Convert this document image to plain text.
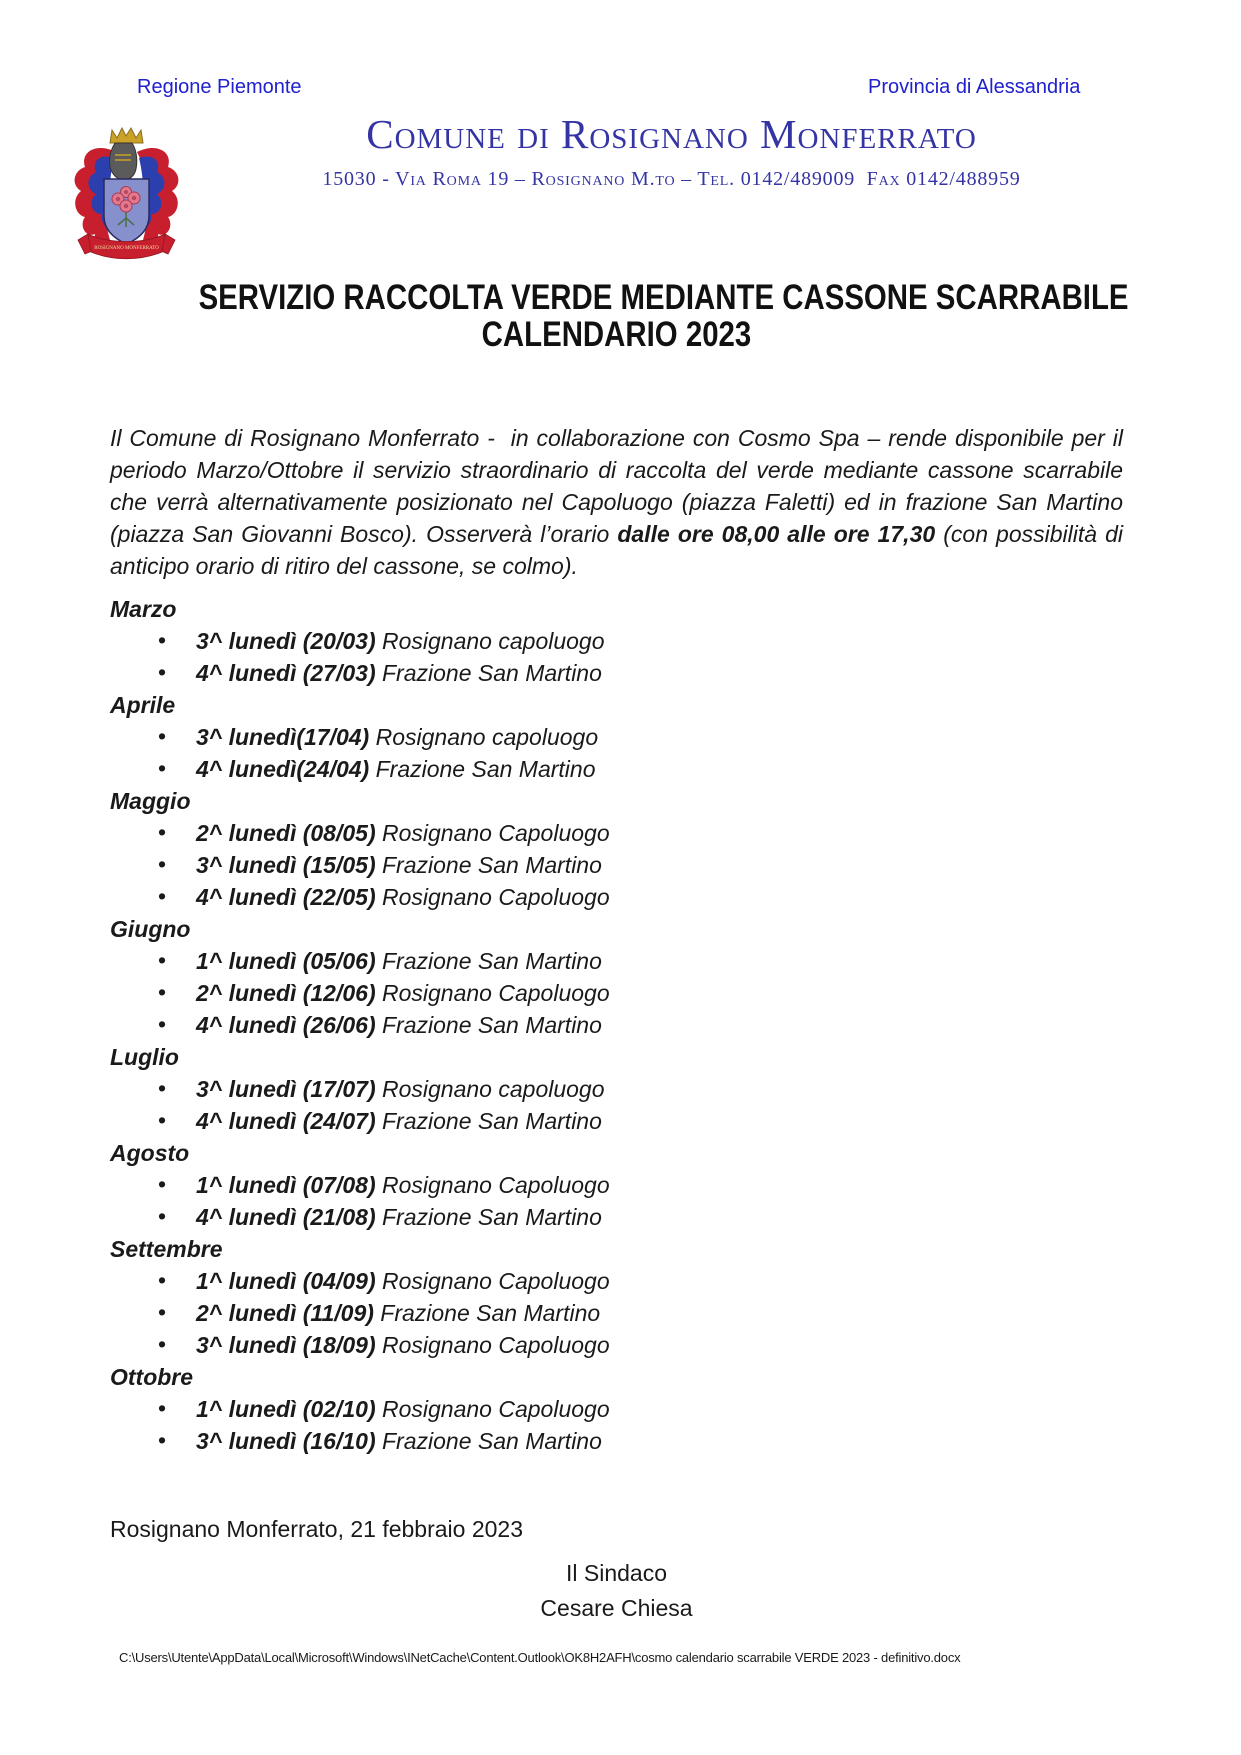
Regione Piemonte	Provincia di Alessandria
ROSIGNANO MONFERRATO
Comune di Rosignano Monferrato
15030 - Via Roma 19 – Rosignano M.to – Tel. 0142/489009  Fax 0142/488959
SERVIZIO RACCOLTA VERDE MEDIANTE CASSONE SCARRABILE CALENDARIO 2023

Il Comune di Rosignano Monferrato -  in collaborazione con Cosmo Spa – rende disponibile per il periodo Marzo/Ottobre il servizio straordinario di raccolta del verde mediante cassone scarrabile che verrà alternativamente posizionato nel Capoluogo (piazza Faletti) ed in frazione San Martino (piazza San Giovanni Bosco). Osserverà l’orario dalle ore 08,00 alle ore 17,30 (con possibilità di anticipo orario di ritiro del cassone, se colmo).

Marzo
• 3^ lunedì (20/03) Rosignano capoluogo
• 4^ lunedì (27/03) Frazione San Martino
Aprile
• 3^ lunedì(17/04) Rosignano capoluogo
• 4^ lunedì(24/04) Frazione San Martino
Maggio
• 2^ lunedì (08/05) Rosignano Capoluogo
• 3^ lunedì (15/05) Frazione San Martino
• 4^ lunedì (22/05) Rosignano Capoluogo
Giugno
• 1^ lunedì (05/06) Frazione San Martino
• 2^ lunedì (12/06) Rosignano Capoluogo
• 4^ lunedì (26/06) Frazione San Martino
Luglio
• 3^ lunedì (17/07) Rosignano capoluogo
• 4^ lunedì (24/07) Frazione San Martino
Agosto
• 1^ lunedì (07/08) Rosignano Capoluogo
• 4^ lunedì (21/08) Frazione San Martino
Settembre
• 1^ lunedì (04/09) Rosignano Capoluogo
• 2^ lunedì (11/09) Frazione San Martino
• 3^ lunedì (18/09) Rosignano Capoluogo
Ottobre
• 1^ lunedì (02/10) Rosignano Capoluogo
• 3^ lunedì (16/10) Frazione San Martino
Rosignano Monferrato, 21 febbraio 2023
Il Sindaco
Cesare Chiesa
C:\Users\Utente\AppData\Local\Microsoft\Windows\INetCache\Content.Outlook\OK8H2AFH\cosmo calendario scarrabile VERDE 2023 - definitivo.docx
